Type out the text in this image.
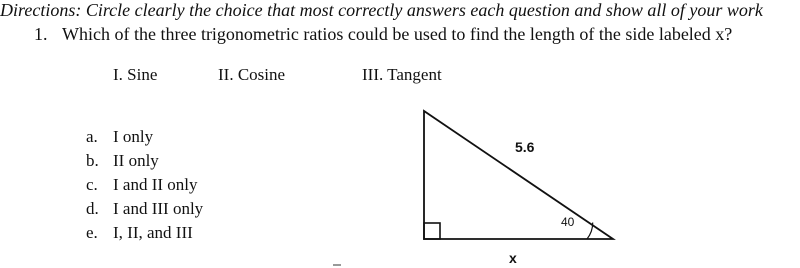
Directions: Circle clearly the choice that most correctly answers each question and show all of your work
1. Which of the three trigonometric ratios could be used to find the length of the side labeled x?
I. Sine	II. Cosine	III. Tangent
a. I only
b. II only
c. I and II only
d. I and III only
e. I, II, and III
5.6
40
x
